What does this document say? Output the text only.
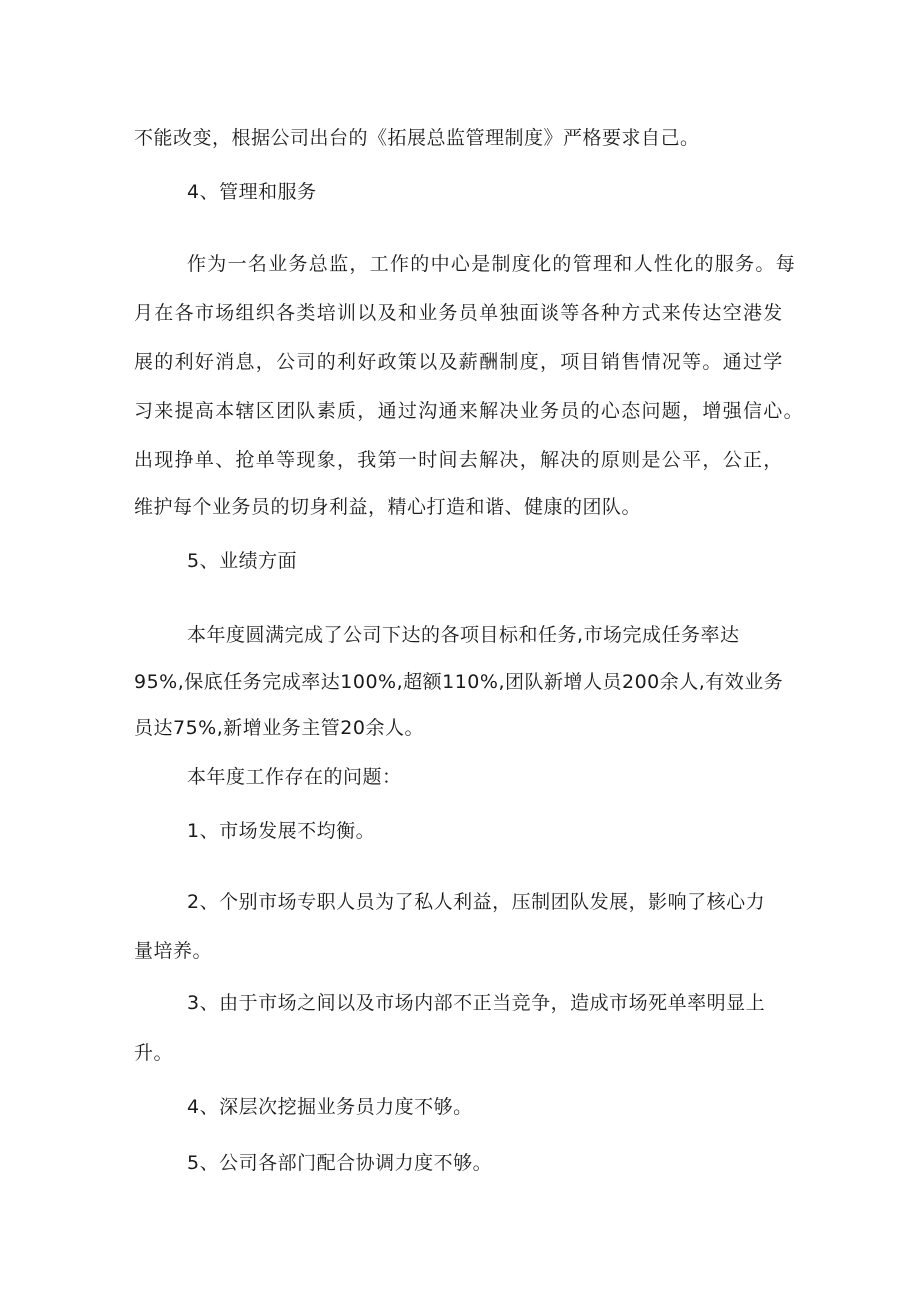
不能改变，根据公司出台的《拓展总监管理制度》严格要求自己。
4、管理和服务
作为一名业务总监，工作的中心是制度化的管理和人性化的服务。每
月在各市场组织各类培训以及和业务员单独面谈等各种方式来传达空港发
展的利好消息，公司的利好政策以及薪酬制度，项目销售情况等。通过学
习来提高本辖区团队素质，通过沟通来解决业务员的心态问题，增强信心。
出现挣单、抢单等现象，我第一时间去解决，解决的原则是公平，公正，
维护每个业务员的切身利益，精心打造和谐、健康的团队。
5、业绩方面
本年度圆满完成了公司下达的各项目标和任务,市场完成任务率达
95%,保底任务完成率达100%,超额110%,团队新增人员200余人,有效业务
员达75%,新增业务主管20余人。
本年度工作存在的问题：
1、市场发展不均衡。
2、个别市场专职人员为了私人利益，压制团队发展，影响了核心力
量培养。
3、由于市场之间以及市场内部不正当竞争，造成市场死单率明显上
升。
4、深层次挖掘业务员力度不够。
5、公司各部门配合协调力度不够。
